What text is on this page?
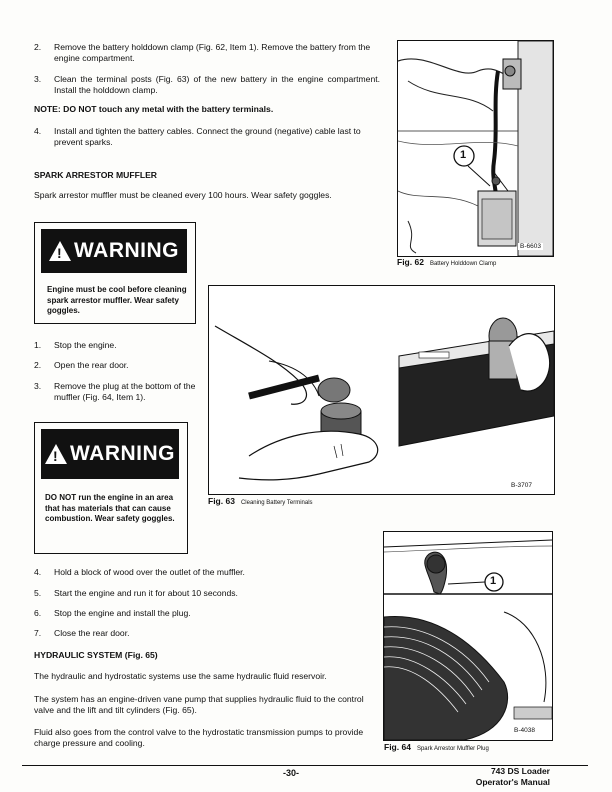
2. Remove the battery holddown clamp (Fig. 62, Item 1). Remove the battery from the engine compartment.
3. Clean the terminal posts (Fig. 63) of the new battery in the engine compartment. Install the holddown clamp.
NOTE: DO NOT touch any metal with the battery terminals.
4. Install and tighten the battery cables. Connect the ground (negative) cable last to prevent sparks.
SPARK ARRESTOR MUFFLER
Spark arrestor muffler must be cleaned every 100 hours. Wear safety goggles.
! WARNING
Engine must be cool before cleaning spark arrestor muffler. Wear safety goggles.
1. Stop the engine.
2. Open the rear door.
3. Remove the plug at the bottom of the muffler (Fig. 64, Item 1).
! WARNING
DO NOT run the engine in an area that has materials that can cause combustion. Wear safety goggles.
4. Hold a block of wood over the outlet of the muffler.
5. Start the engine and run it for about 10 seconds.
6. Stop the engine and install the plug.
7. Close the rear door.
HYDRAULIC SYSTEM (Fig. 65)
The hydraulic and hydrostatic systems use the same hydraulic fluid reservoir.
The system has an engine-driven vane pump that supplies hydraulic fluid to the control valve and the lift and tilt cylinders (Fig. 65).
Fluid also goes from the control valve to the hydrostatic transmission pumps to provide charge pressure and cooling.
1
B-6603
Fig. 62 Battery Holddown Clamp
B-3707
Fig. 63 Cleaning Battery Terminals
1
B-4038
Fig. 64 Spark Arrestor Muffler Plug
-30-	743 DS Loader
Operator's Manual
